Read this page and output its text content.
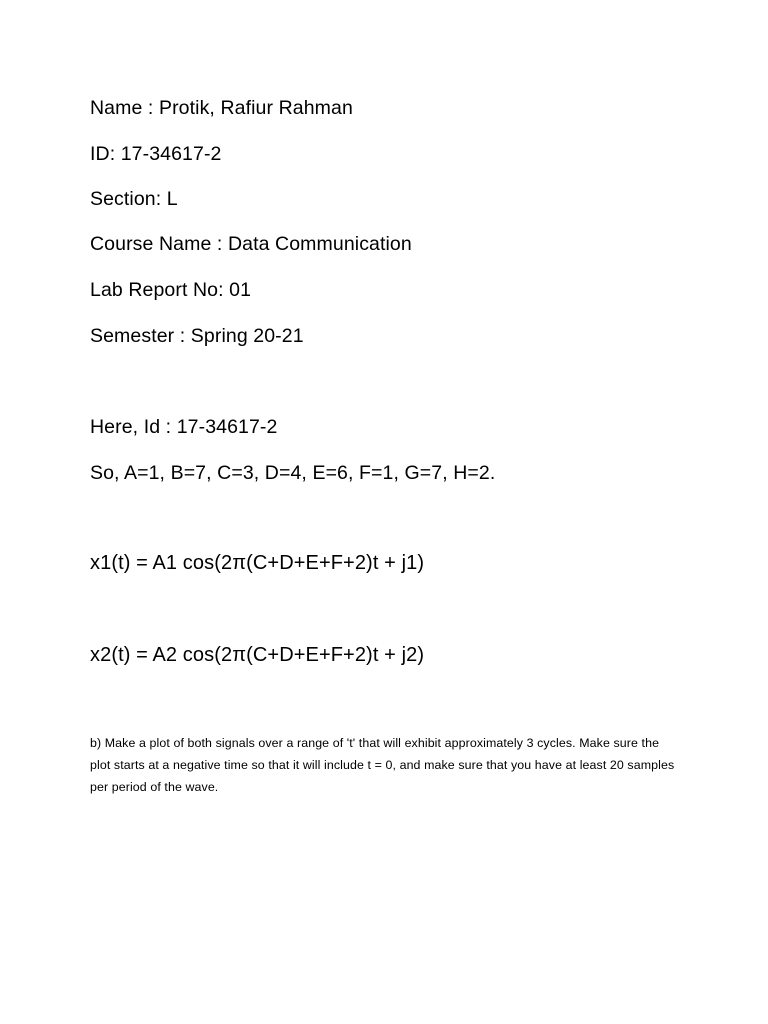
Name : Protik, Rafiur Rahman

ID: 17-34617-2

Section: L

Course Name : Data Communication

Lab Report No: 01

Semester : Spring 20-21

Here, Id : 17-34617-2

So, A=1, B=7, C=3, D=4, E=6, F=1, G=7, H=2.

x1(t) = A1 cos(2π(C+D+E+F+2)t + j1)

x2(t) = A2 cos(2π(C+D+E+F+2)t + j2)

b) Make a plot of both signals over a range of 't' that will exhibit approximately 3 cycles. Make sure the plot starts at a negative time so that it will include t = 0, and make sure that you have at least 20 samples per period of the wave.
